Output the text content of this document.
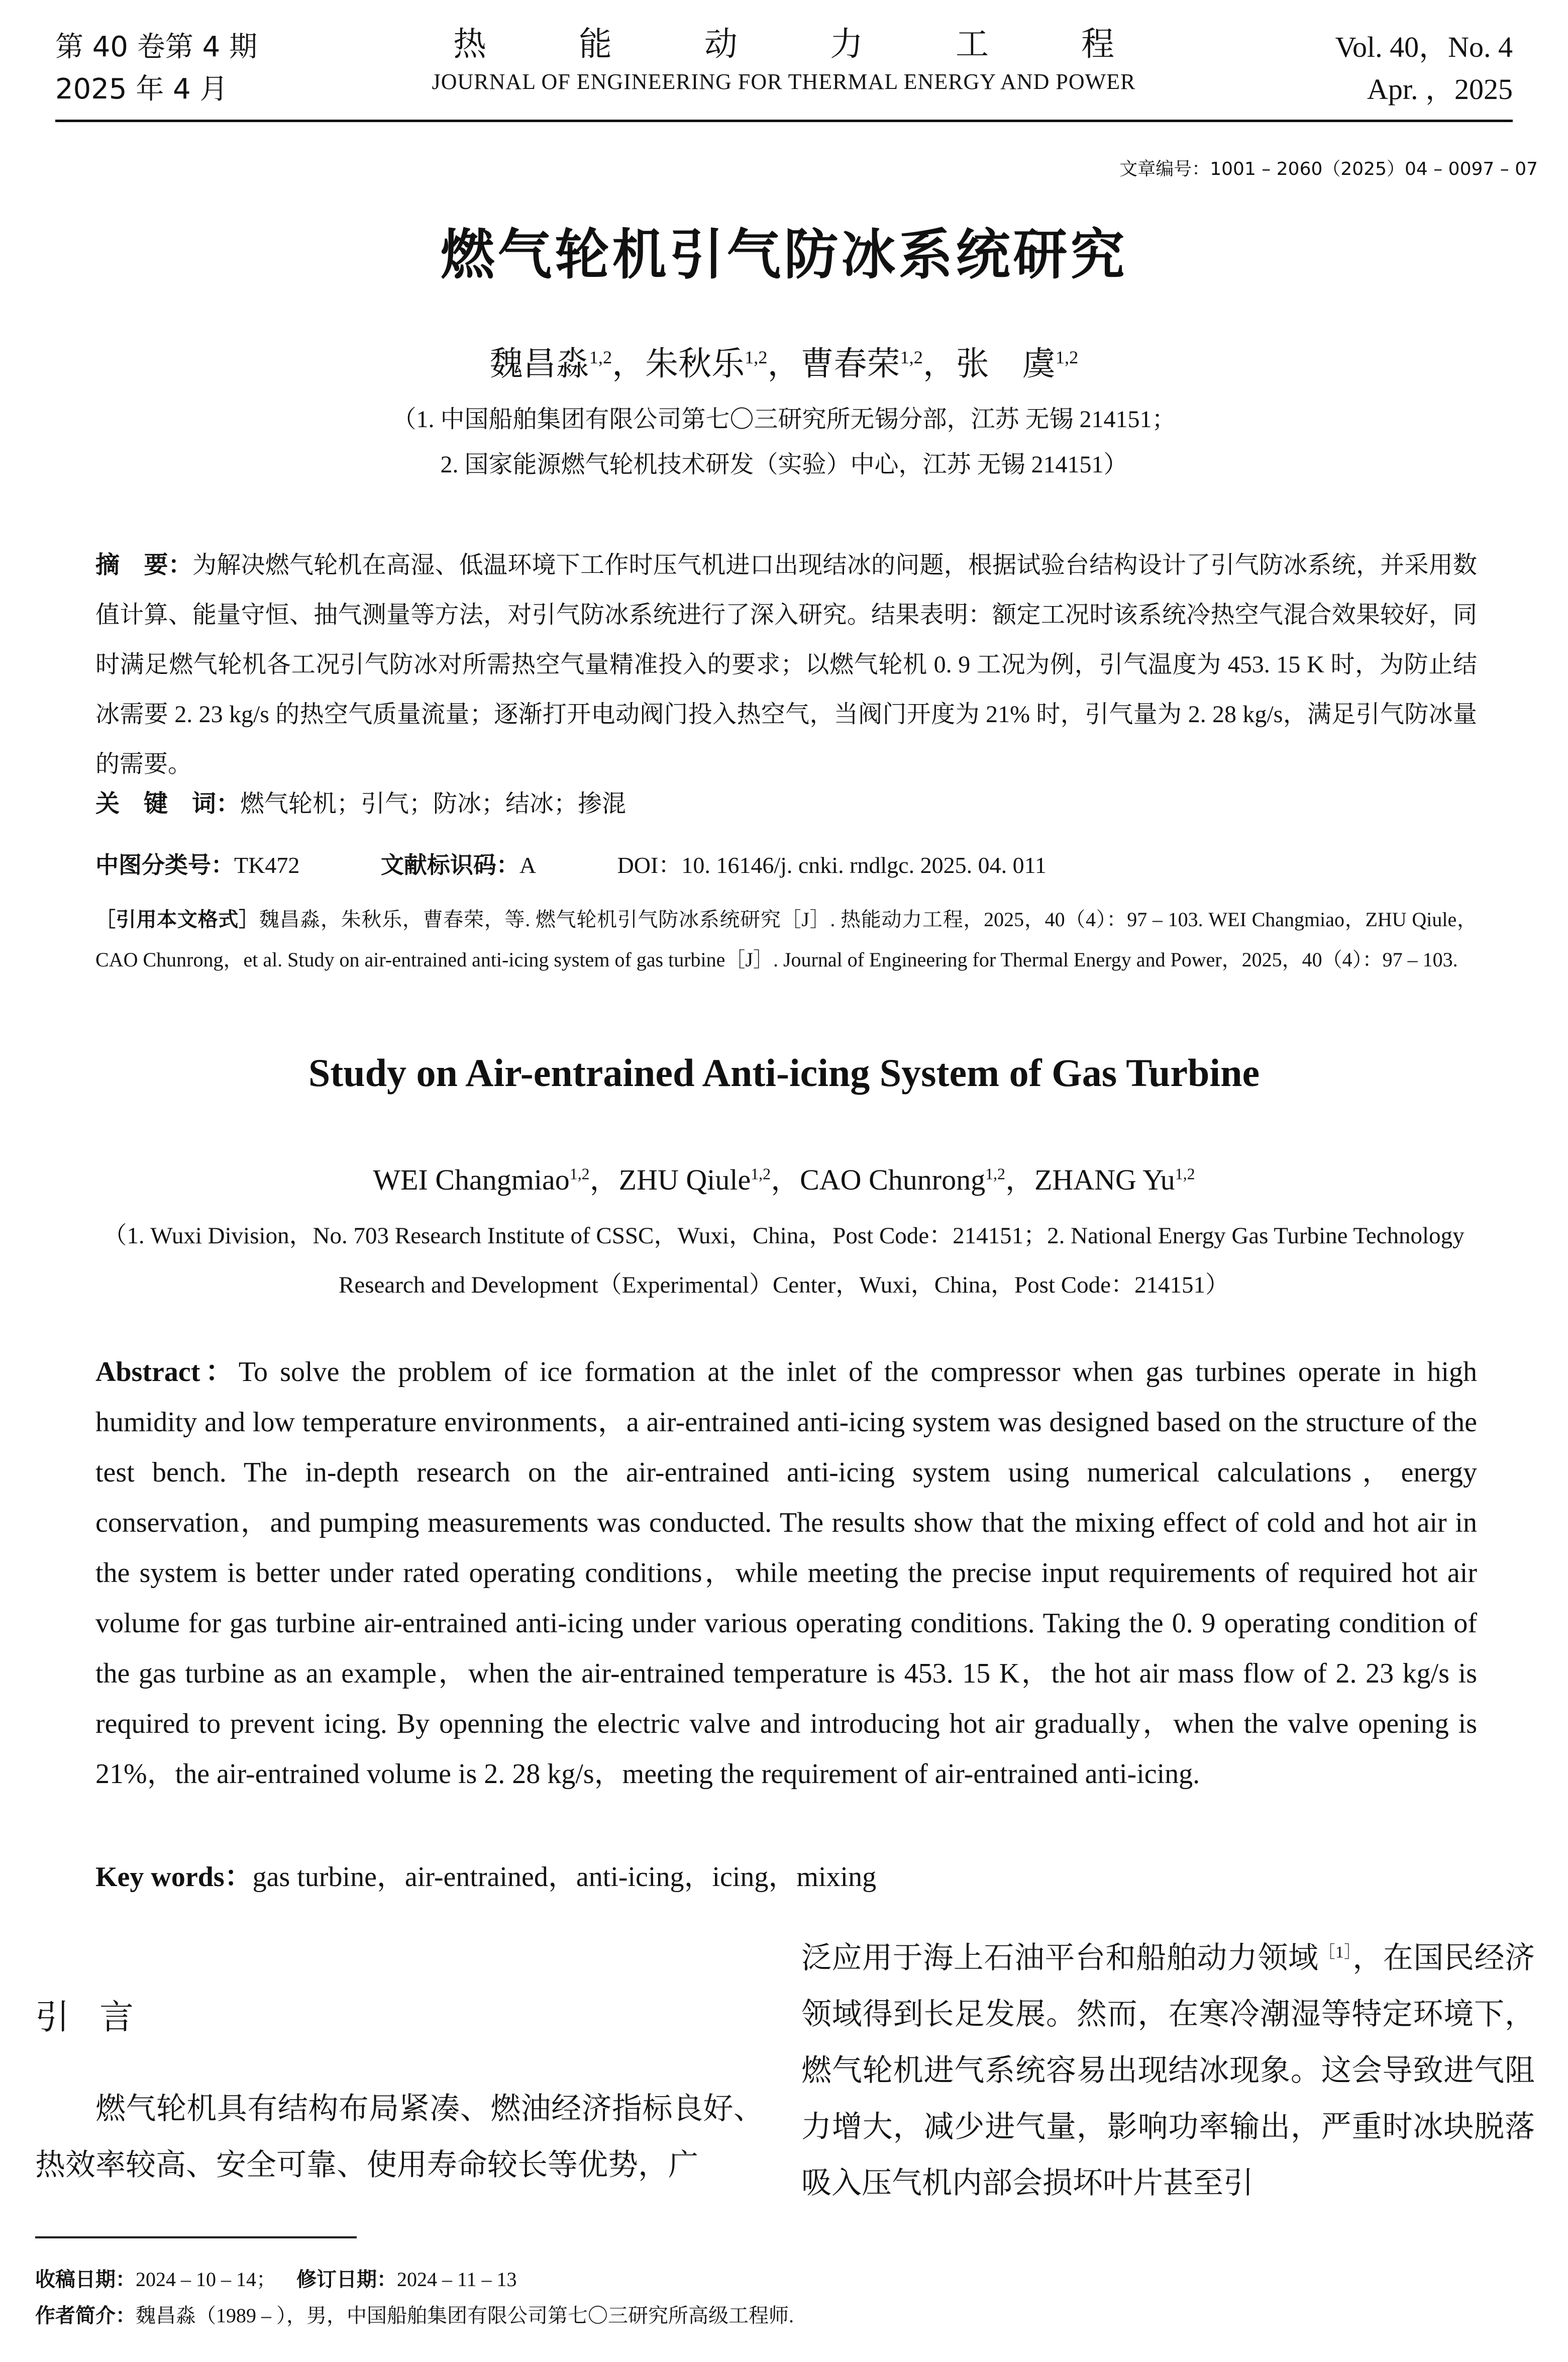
第 40 卷第 4 期
2025 年 4 月
热	能	动	力	工	程
JOURNAL OF ENGINEERING FOR THERMAL ENERGY AND POWER
Vol. 40，No. 4
Apr. ，2025
文章编号：1001 – 2060（2025）04 – 0097 – 07
燃气轮机引气防冰系统研究
魏昌淼$^{1,2}$，朱秋乐$^{1,2}$，曹春荣$^{1,2}$，张　虞$^{1,2}$
（1. 中国船舶集团有限公司第七〇三研究所无锡分部，江苏 无锡 214151；
2. 国家能源燃气轮机技术研发（实验）中心，江苏 无锡 214151）
摘　要：为解决燃气轮机在高湿、低温环境下工作时压气机进口出现结冰的问题，根据试验台结构设计了引气防冰系统，并采用数值计算、能量守恒、抽气测量等方法，对引气防冰系统进行了深入研究。结果表明：额定工况时该系统冷热空气混合效果较好，同时满足燃气轮机各工况引气防冰对所需热空气量精准投入的要求；以燃气轮机 0. 9 工况为例，引气温度为 453. 15 K 时，为防止结冰需要 2. 23 kg/s 的热空气质量流量；逐渐打开电动阀门投入热空气，当阀门开度为 21% 时，引气量为 2. 28 kg/s，满足引气防冰量的需要。
关　键　词：燃气轮机；引气；防冰；结冰；掺混
中图分类号：TK472	文献标识码：A	DOI：10. 16146/j. cnki. rndlgc. 2025. 04. 011
［引用本文格式］魏昌淼，朱秋乐，曹春荣，等. 燃气轮机引气防冰系统研究［J］. 热能动力工程，2025，40（4）：97 – 103. WEI Changmiao，ZHU Qiule，CAO Chunrong，et al. Study on air-entrained anti-icing system of gas turbine［J］. Journal of Engineering for Thermal Energy and Power，2025，40（4）：97 – 103.
Study on Air-entrained Anti-icing System of Gas Turbine
WEI Changmiao$^{1,2}$，ZHU Qiule$^{1,2}$，CAO Chunrong$^{1,2}$，ZHANG Yu$^{1,2}$
（1. Wuxi Division，No. 703 Research Institute of CSSC，Wuxi，China，Post Code：214151；2. National Energy Gas Turbine Technology Research and Development（Experimental）Center，Wuxi，China，Post Code：214151）
Abstract：To solve the problem of ice formation at the inlet of the compressor when gas turbines operate in high humidity and low temperature environments，a air-entrained anti-icing system was designed based on the structure of the test bench. The in-depth research on the air-entrained anti-icing system using numerical calculations，energy conservation，and pumping measurements was conducted. The results show that the mixing effect of cold and hot air in the system is better under rated operating conditions，while meeting the precise input requirements of required hot air volume for gas turbine air-entrained anti-icing under various operating conditions. Taking the 0. 9 operating condition of the gas turbine as an example，when the air-entrained temperature is 453. 15 K，the hot air mass flow of 2. 23 kg/s is required to prevent icing. By openning the electric valve and introducing hot air gradually，when the valve opening is 21%，the air-entrained volume is 2. 28 kg/s，meeting the requirement of air-entrained anti-icing.
Key words：gas turbine，air-entrained，anti-icing，icing，mixing
引言
燃气轮机具有结构布局紧凑、燃油经济指标良好、热效率较高、安全可靠、使用寿命较长等优势，广
泛应用于海上石油平台和船舶动力领域$^{[1]}$，在国民经济领域得到长足发展。然而，在寒冷潮湿等特定环境下，燃气轮机进气系统容易出现结冰现象。这会导致进气阻力增大，减少进气量，影响功率输出，严重时冰块脱落吸入压气机内部会损坏叶片甚至引
收稿日期：2024 – 10 – 14； 修订日期：2024 – 11 – 13
作者简介：魏昌淼（1989 – ），男，中国船舶集团有限公司第七〇三研究所高级工程师.
